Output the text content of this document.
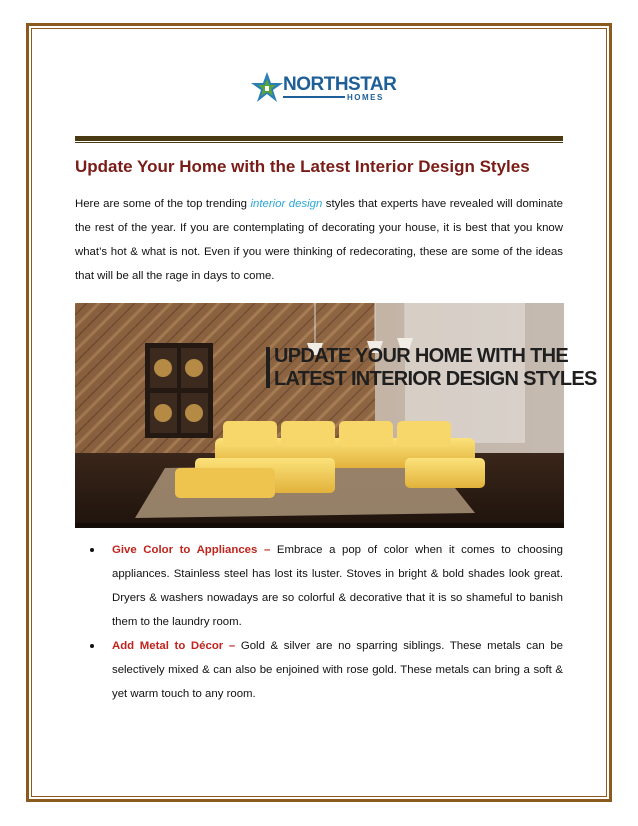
NORTHSTAR
HOMES
Update Your Home with the Latest Interior Design Styles

Here are some of the top trending interior design styles that experts have revealed will dominate the rest of the year. If you are contemplating of decorating your house, it is best that you know what’s hot & what is not. Even if you were thinking of redecorating, these are some of the ideas that will be all the rage in days to come.

UPDATE YOUR HOME WITH THE
LATEST INTERIOR DESIGN STYLES
Give Color to Appliances – Embrace a pop of color when it comes to choosing appliances. Stainless steel has lost its luster. Stoves in bright & bold shades look great. Dryers & washers nowadays are so colorful & decorative that it is so shameful to banish them to the laundry room.
Add Metal to Décor – Gold & silver are no sparring siblings. These metals can be selectively mixed & can also be enjoined with rose gold. These metals can bring a soft & yet warm touch to any room.
